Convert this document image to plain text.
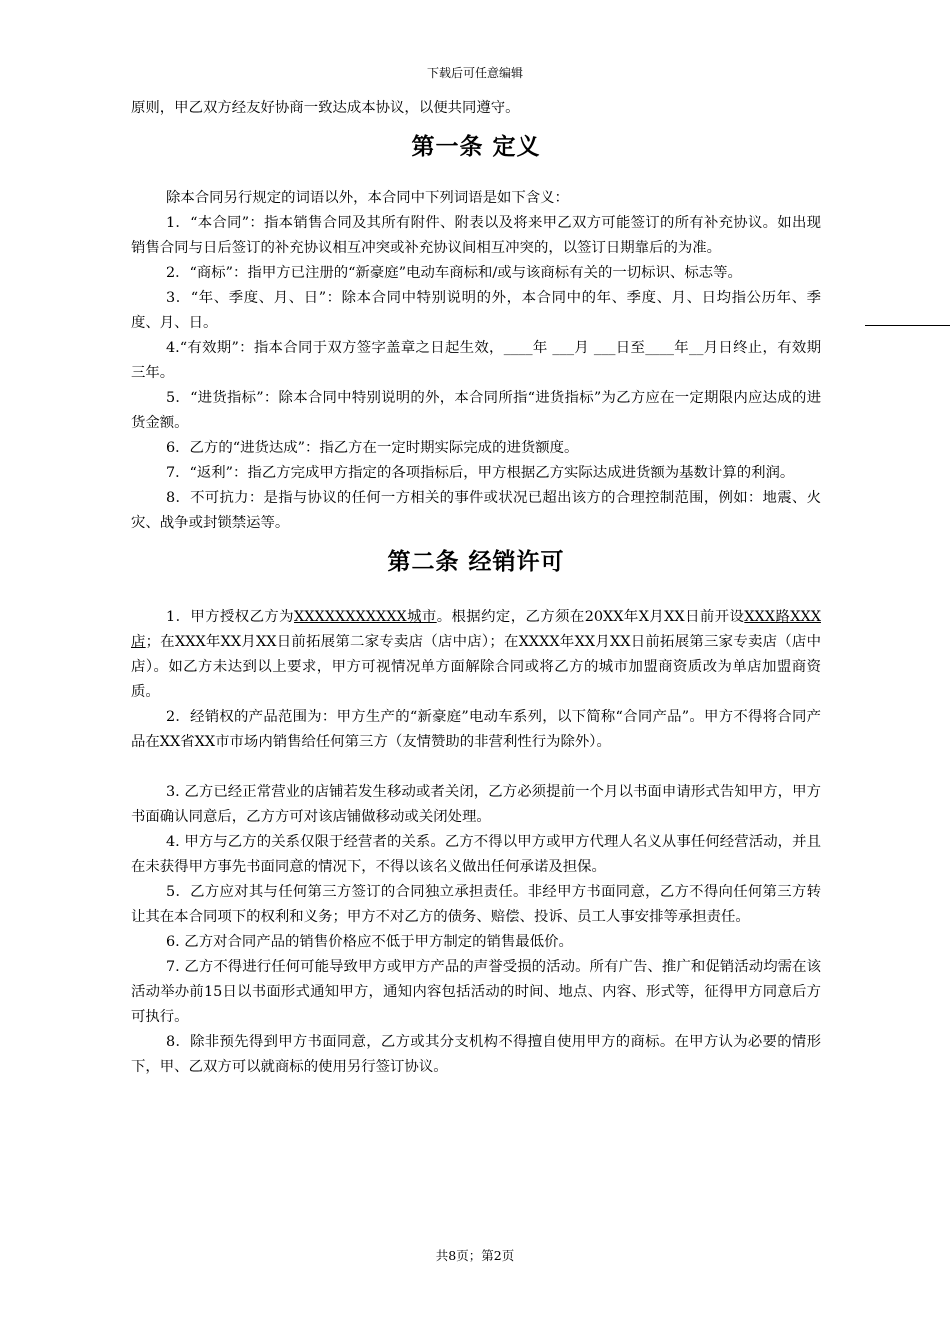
下载后可任意编辑

原则，甲乙双方经友好协商一致达成本协议，以便共同遵守。

第一条 定义

除本合同另行规定的词语以外，本合同中下列词语是如下含义：

1．“本合同”：指本销售合同及其所有附件、附表以及将来甲乙双方可能签订的所有补充协议。如出现销售合同与日后签订的补充协议相互冲突或补充协议间相互冲突的，以签订日期靠后的为准。

2．“商标”：指甲方已注册的“新豪庭”电动车商标和/或与该商标有关的一切标识、标志等。

3．“年、季度、月、日”：除本合同中特别说明的外，本合同中的年、季度、月、日均指公历年、季度、月、日。

4.“有效期”：指本合同于双方签字盖章之日起生效，____年 ___月 ___日至____年__月日终止，有效期三年。

5．“进货指标”：除本合同中特别说明的外，本合同所指“进货指标”为乙方应在一定期限内应达成的进货金额。

6．乙方的“进货达成”：指乙方在一定时期实际完成的进货额度。

7．“返利”：指乙方完成甲方指定的各项指标后，甲方根据乙方实际达成进货额为基数计算的利润。

8．不可抗力：是指与协议的任何一方相关的事件或状况已超出该方的合理控制范围，例如：地震、火灾、战争或封锁禁运等。

第二条 经销许可

1．甲方授权乙方为XXXXXXXXXXX城市。根据约定，乙方须在20XX年X月XX日前开设XXX路XXX店；在XXX年XX月XX日前拓展第二家专卖店（店中店）；在XXXX年XX月XX日前拓展第三家专卖店（店中店）。如乙方未达到以上要求，甲方可视情况单方面解除合同或将乙方的城市加盟商资质改为单店加盟商资质。

2．经销权的产品范围为：甲方生产的“新豪庭”电动车系列，以下简称“合同产品”。甲方不得将合同产品在XX省XX市市场内销售给任何第三方（友情赞助的非营利性行为除外）。

3. 乙方已经正常营业的店铺若发生移动或者关闭，乙方必须提前一个月以书面申请形式告知甲方，甲方书面确认同意后，乙方方可对该店铺做移动或关闭处理。

4. 甲方与乙方的关系仅限于经营者的关系。乙方不得以甲方或甲方代理人名义从事任何经营活动，并且在未获得甲方事先书面同意的情况下，不得以该名义做出任何承诺及担保。

5．乙方应对其与任何第三方签订的合同独立承担责任。非经甲方书面同意，乙方不得向任何第三方转让其在本合同项下的权利和义务；甲方不对乙方的债务、赔偿、投诉、员工人事安排等承担责任。

6. 乙方对合同产品的销售价格应不低于甲方制定的销售最低价。

7. 乙方不得进行任何可能导致甲方或甲方产品的声誉受损的活动。所有广告、推广和促销活动均需在该活动举办前15日以书面形式通知甲方，通知内容包括活动的时间、地点、内容、形式等，征得甲方同意后方可执行。

8．除非预先得到甲方书面同意，乙方或其分支机构不得擅自使用甲方的商标。在甲方认为必要的情形下，甲、乙双方可以就商标的使用另行签订协议。

共8页；第2页
